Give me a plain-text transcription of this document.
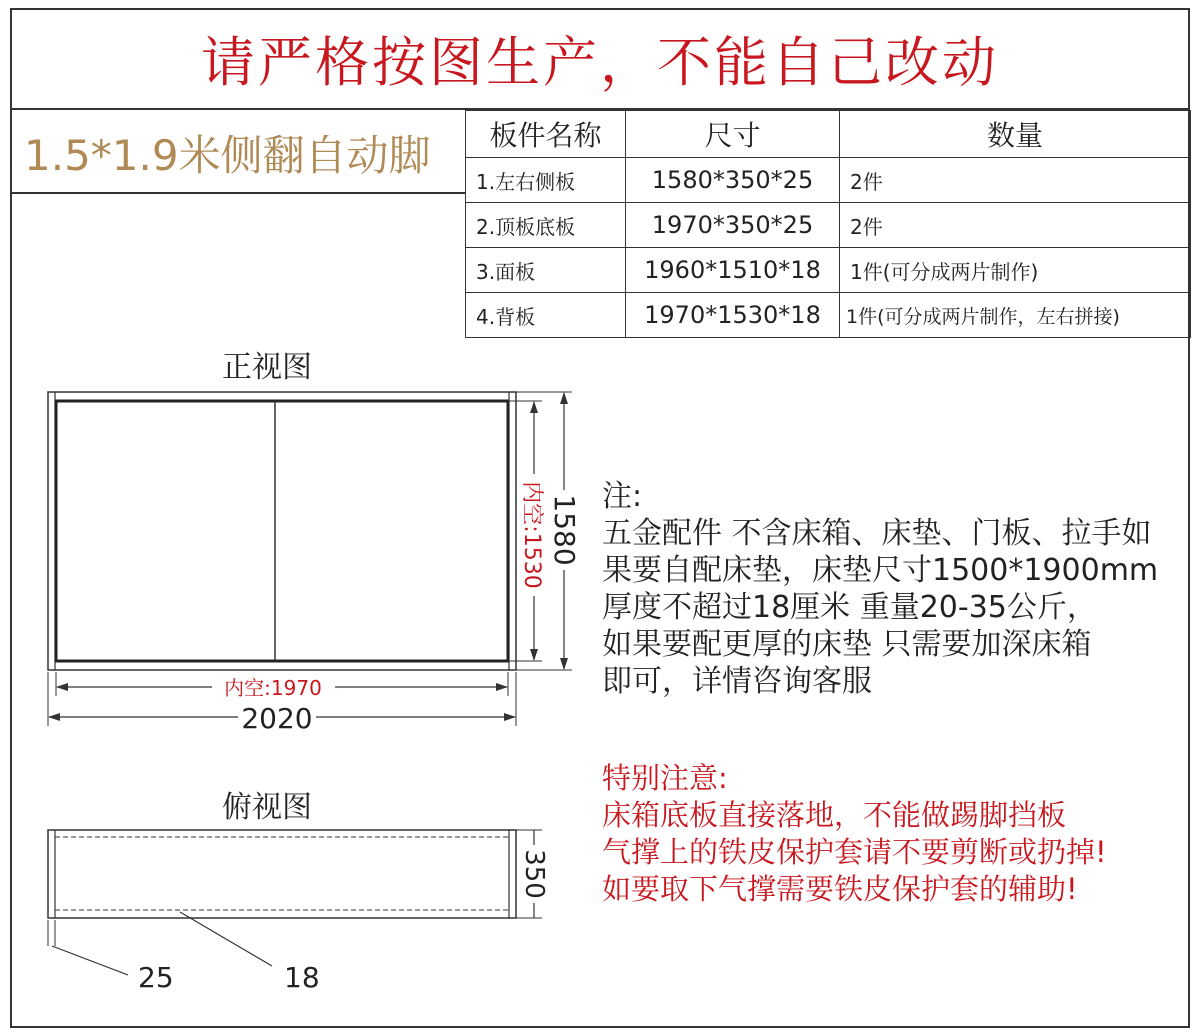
请严格按图生产，不能自己改动
1.5*1.9米侧翻自动脚	板件名称	尺寸	数量
1.左右侧板	1580*350*25	2件
2.顶板底板	1970*350*25	2件
3.面板	1960*1510*18	1件(可分成两片制作)
4.背板	1970*1530*18	1件(可分成两片制作，左右拼接)
正视图
俯视图
内空:1530 1580
内空:1970
2020
25	18
350
注:
五金配件 不含床箱、床垫、门板、拉手如
果要自配床垫，床垫尺寸1500*1900mm
厚度不超过18厘米 重量20-35公斤，
如果要配更厚的床垫 只需要加深床箱
即可，详情咨询客服
特别注意:
床箱底板直接落地，不能做踢脚挡板
气撑上的铁皮保护套请不要剪断或扔掉!
如要取下气撑需要铁皮保护套的辅助!
